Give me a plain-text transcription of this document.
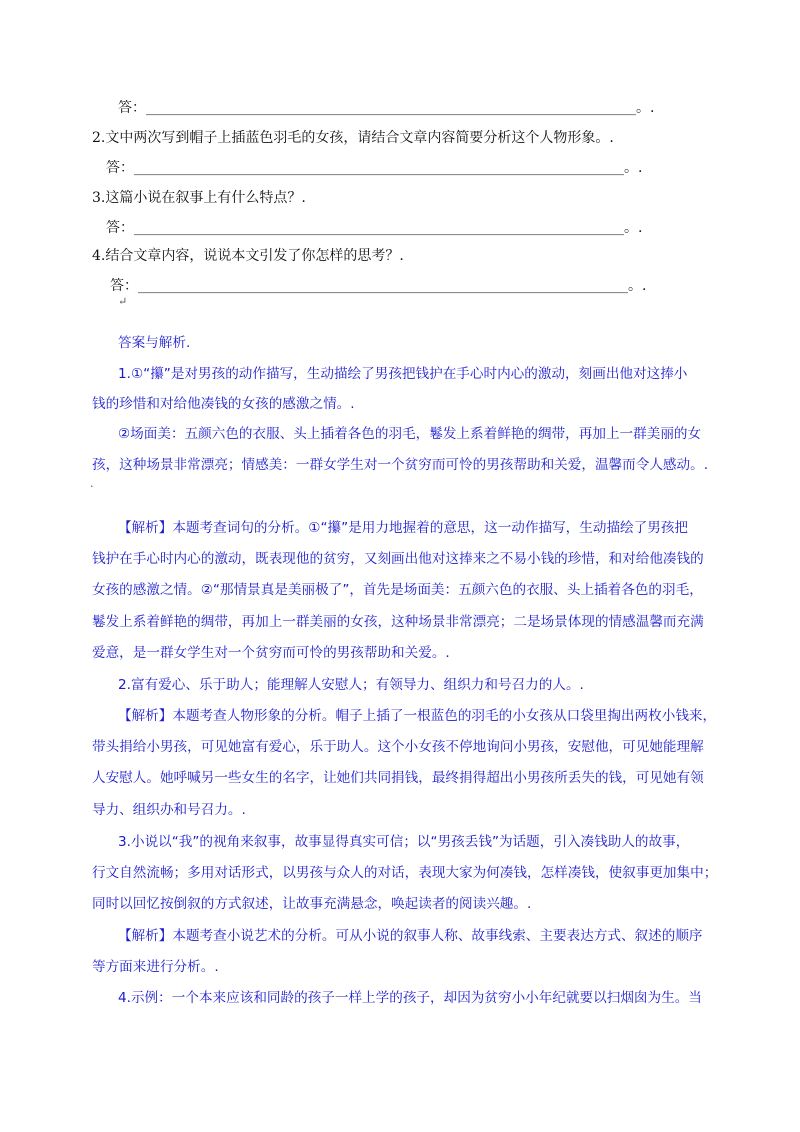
答：______________________________________________________________________。.
2.文中两次写到帽子上插蓝色羽毛的女孩，请结合文章内容简要分析这个人物形象。.
答：______________________________________________________________________。.
3.这篇小说在叙事上有什么特点？.
答：______________________________________________________________________。.
4.结合文章内容，说说本文引发了你怎样的思考？.
答：______________________________________________________________________。.
↵
答案与解析.
1.①“攥”是对男孩的动作描写，生动描绘了男孩把钱护在手心时内心的激动，刻画出他对这捧小
钱的珍惜和对给他凑钱的女孩的感激之情。.
②场面美：五颜六色的衣服、头上插着各色的羽毛，鬈发上系着鲜艳的绸带，再加上一群美丽的女
孩，这种场景非常漂亮；情感美：一群女学生对一个贫穷而可怜的男孩帮助和关爱，温馨而令人感动。.
.
【解析】本题考查词句的分析。①“攥”是用力地握着的意思，这一动作描写，生动描绘了男孩把
钱护在手心时内心的激动，既表现他的贫穷，又刻画出他对这捧来之不易小钱的珍惜，和对给他凑钱的
女孩的感激之情。②“那情景真是美丽极了”，首先是场面美：五颜六色的衣服、头上插着各色的羽毛，
鬈发上系着鲜艳的绸带，再加上一群美丽的女孩，这种场景非常漂亮；二是场景体现的情感温馨而充满
爱意，是一群女学生对一个贫穷而可怜的男孩帮助和关爱。.
2.富有爱心、乐于助人；能理解人安慰人；有领导力、组织力和号召力的人。.
【解析】本题考查人物形象的分析。帽子上插了一根蓝色的羽毛的小女孩从口袋里掏出两枚小钱来，
带头捐给小男孩，可见她富有爱心，乐于助人。这个小女孩不停地询问小男孩，安慰他，可见她能理解
人安慰人。她呼喊另一些女生的名字，让她们共同捐钱，最终捐得超出小男孩所丢失的钱，可见她有领
导力、组织办和号召力。.
3.小说以“我”的视角来叙事，故事显得真实可信；以“男孩丢钱”为话题，引入凑钱助人的故事，
行文自然流畅；多用对话形式，以男孩与众人的对话，表现大家为何凑钱，怎样凑钱，使叙事更加集中；
同时以回忆按倒叙的方式叙述，让故事充满悬念，唤起读者的阅读兴趣。.
【解析】本题考查小说艺术的分析。可从小说的叙事人称、故事线索、主要表达方式、叙述的顺序
等方面来进行分析。.
4.示例：一个本来应该和同龄的孩子一样上学的孩子，却因为贫穷小小年纪就要以扫烟囱为生。当
